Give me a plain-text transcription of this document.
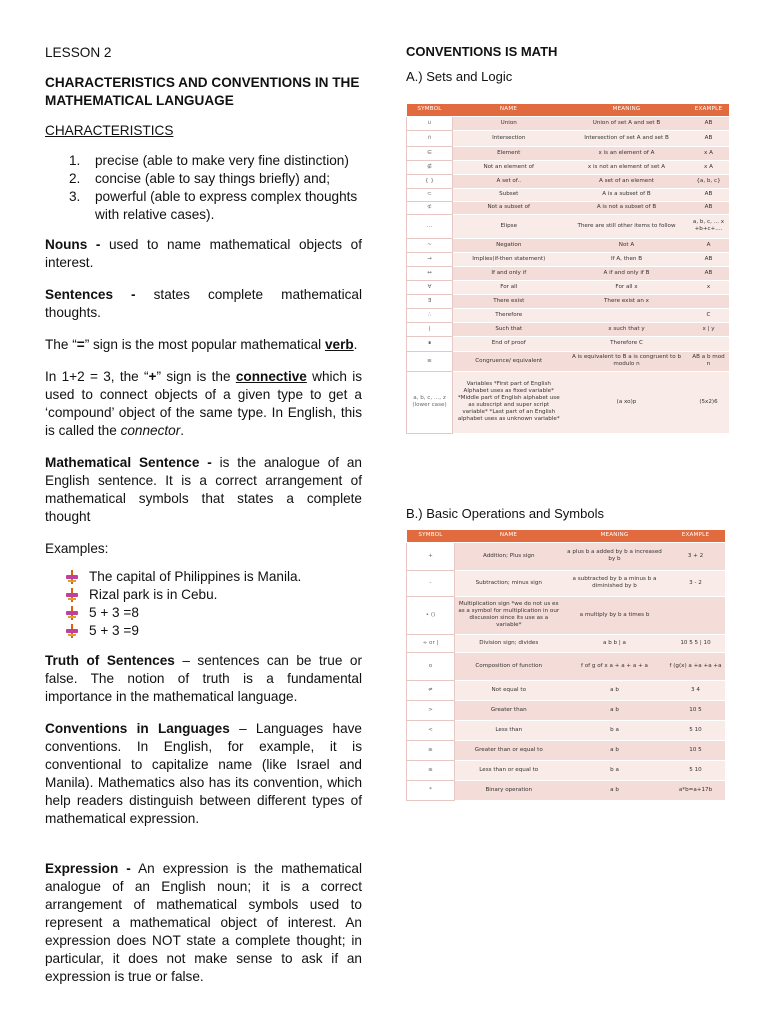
LESSON 2
CHARACTERISTICS AND CONVENTIONS IN THE MATHEMATICAL LANGUAGE
CHARACTERISTICS
1.	precise (able to make very fine distinction)
2.	concise (able to say things briefly) and;
3.	powerful (able to express complex thoughts with relative cases).
Nouns - used to name mathematical objects of interest.
Sentences - states complete mathematical thoughts.
The “=” sign is the most popular mathematical verb.
In 1+2 = 3, the “+” sign is the connective which is used to connect objects of a given type to get a ‘compound’ object of the same type. In English, this is called the connector.
Mathematical Sentence - is the analogue of an English sentence. It is a correct arrangement of mathematical symbols that states a complete thought
Examples:
The capital of Philippines is Manila.
Rizal park is in Cebu.
5 + 3 =8
5 + 3 =9
Truth of Sentences – sentences can be true or false. The notion of truth is a fundamental importance in the mathematical language.
Conventions in Languages – Languages have conventions. In English, for example, it is conventional to capitalize name (like Israel and Manila). Mathematics also has its convention, which help readers distinguish between different types of mathematical expression.
Expression - An expression is the mathematical analogue of an English noun; it is a correct arrangement of mathematical symbols used to represent a mathematical object of interest. An expression does NOT state a complete thought; in particular, it does not make sense to ask if an expression is true or false.
CONVENTIONS IS MATH
A.) Sets and Logic
SYMBOL	NAME	MEANING	EXAMPLE
∪	Union	Union of set A and set B	AB
∩	Intersection	Intersection of set A and set B	AB
∈	Element	x is an element of A	x A
∉	Not an element of	x is not an element of set A	x A
{ }	A set of..	A set of an element	{a, b, c}
⊂	Subset	A is a subset of B	AB
⊄	Not a subset of	A is not a subset of B	AB
…	Elipse	There are still other items to follow	a, b, c, ... x +b+c+....
~	Negation	Not A	A
→	Implies(if-then statement)	If A, then B	AB
↔	If and only if	A if and only if B	AB
∀	For all	For all x	x
∃	There exist	There exist an x	
∴	Therefore		C
|	Such that	x such that y	x | y
∎	End of proof	Therefore C	
≡	Congruence/ equivalent	A is equivalent to B a is congruent to b modulo n	AB a b mod n
a, b, c, ..., z (lower case)	Variables *First part of English Alphabet uses as fixed variable* *Middle part of English alphabet use as subscript and super script variable* *Last part of an English alphabet uses as unknown variable*	(a xo)p	(5x2)6
B.) Basic Operations and Symbols
SYMBOL	NAME	MEANING	EXAMPLE
+	Addition; Plus sign	a plus b a added by b a increased by b	3 + 2
-	Subtraction; minus sign	a subtracted by b a minus b a diminished by b	3 - 2
• ()	Multiplication sign *we do not us ex as a symbol for multiplication in our discussion since its use as a variable*	a multiply by b a times b	
÷ or |	Division sign; divides	a b b | a	10 5 5 | 10
o	Composition of function	f of g of x a + a + a + a	f (g(x) a +a +a +a
≠	Not equal to	a b	3 4
>	Greater than	a b	10 5
<	Less than	b a	5 10
≥	Greater than or equal to	a b	10 5
≤	Less than or equal to	b a	5 10
*	Binary operation	a b	a*b=a+17b
